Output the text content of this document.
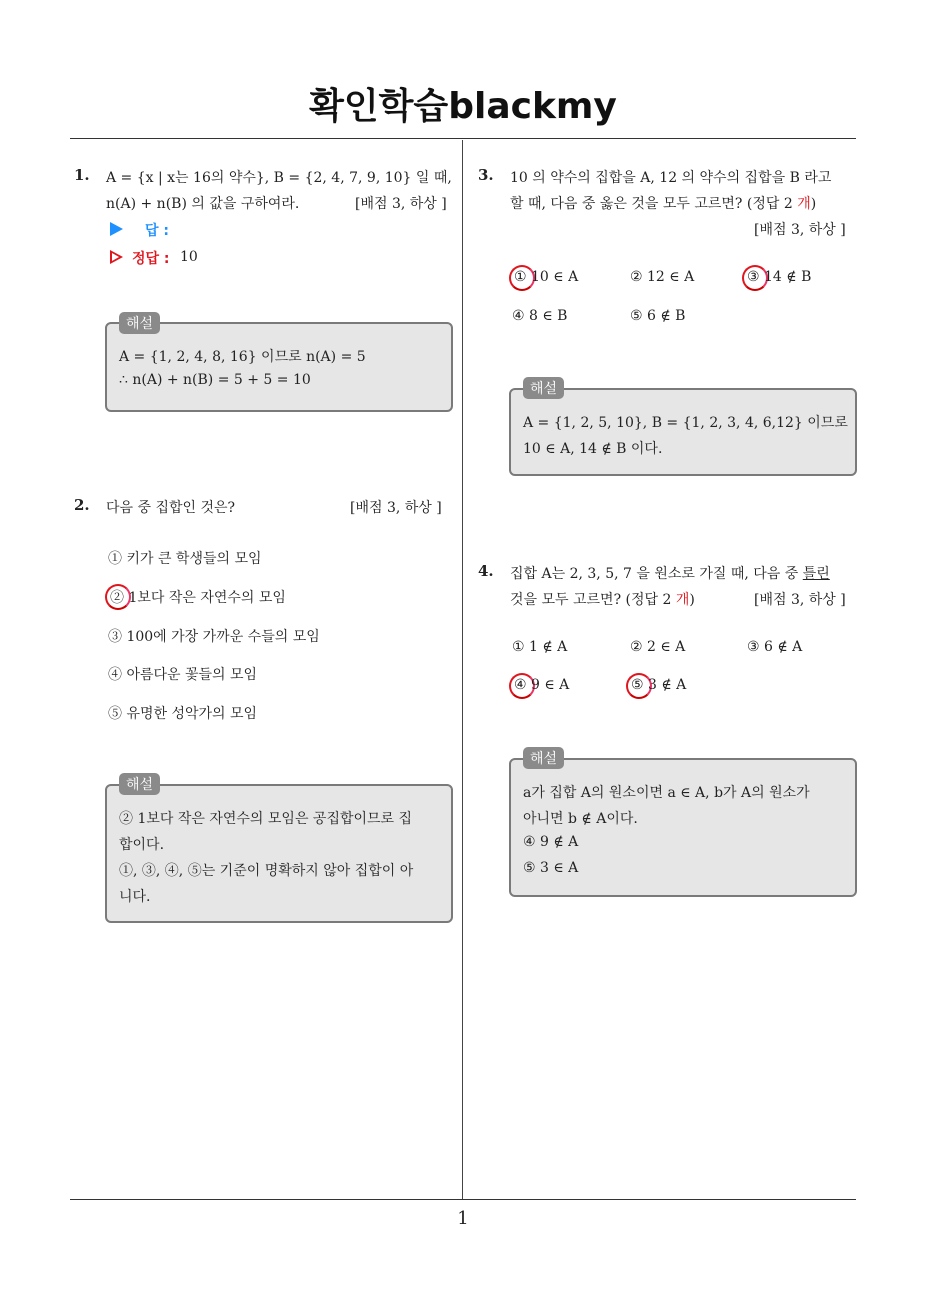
확인학습blackmy
1
1. A = {x | x는 16의 약수}, B = {2, 4, 7, 9, 10} 일 때,
n(A) + n(B) 의 값을 구하여라.	[배점 3, 하상 ]
답 :
정답 : 10
A = {1, 2, 4, 8, 16} 이므로 n(A) = 5
∴ n(A) + n(B) = 5 + 5 = 10
해설
2. 다음 중 집합인 것은?	[배점 3, 하상 ]
① 키가 큰 학생들의 모임
② 1보다 작은 자연수의 모임
③ 100에 가장 가까운 수들의 모임
④ 아름다운 꽃들의 모임
⑤ 유명한 성악가의 모임
② 1보다 작은 자연수의 모임은 공집합이므로 집
합이다.
①, ③, ④, ⑤는 기준이 명확하지 않아 집합이 아
니다.
해설
3. 10 의 약수의 집합을 A, 12 의 약수의 집합을 B 라고
할 때, 다음 중 옳은 것을 모두 고르면? (정답 2 개)
[배점 3, 하상 ]
① 10 ∈ A	② 12 ∈ A	③ 14 ∉ B
④ 8 ∈ B	⑤ 6 ∉ B
A = {1, 2, 5, 10}, B = {1, 2, 3, 4, 6,12} 이므로
10 ∈ A, 14 ∉ B 이다.
해설
4. 집합 A는 2, 3, 5, 7 을 원소로 가질 때, 다음 중 틀린
것을 모두 고르면? (정답 2 개)	[배점 3, 하상 ]
① 1 ∉ A	② 2 ∈ A	③ 6 ∉ A
④ 9 ∈ A	⑤ 3 ∉ A
a가 집합 A의 원소이면 a ∈ A, b가 A의 원소가
아니면 b ∉ A이다.
④ 9 ∉ A
⑤ 3 ∈ A
해설
